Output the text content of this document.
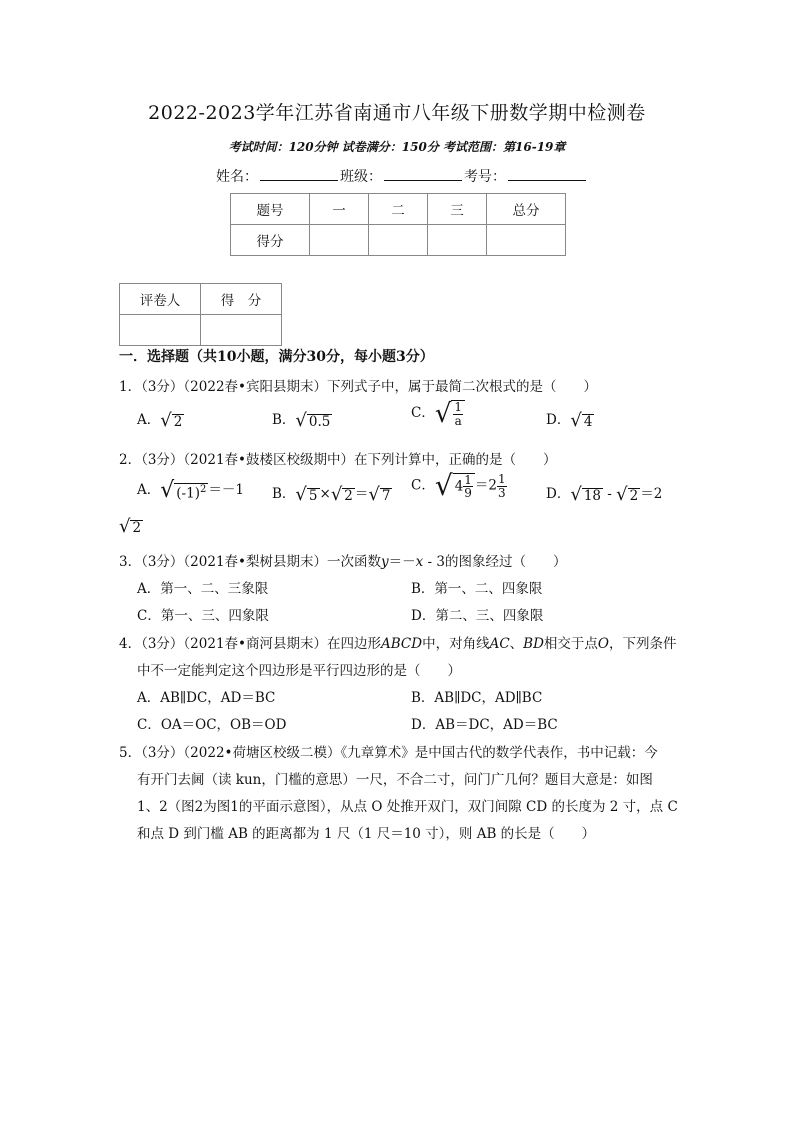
2022-2023学年江苏省南通市八年级下册数学期中检测卷
考试时间：120分钟 试卷满分：150分 考试范围：第16-19章
姓名：	班级：	考号：
题号	一	二	三	总分
得分				
评卷人	得　分

一．选择题（共10小题，满分30分，每小题3分）
1．（3分）（2022春•宾阳县期末）下列式子中，属于最简二次根式的是（　　）
A． √ 2	B． √ 0.5
C． √ $\frac{1}{a}$	D． √ 4
2．（3分）（2021春•鼓楼区校级期中）在下列计算中，正确的是（　　）
A． √ $(-1)^2 =-1$ B． √ 5 × √ 2 ＝ √ 7
C． √ $4 \frac{1}{9} =2 \frac{1}{3}$	D． √ 18 - √ 2 ＝2
√ 2
3．（3分）（2021春•梨树县期末）一次函数y＝－x - 3的图象经过（　　）
A．第一、二、三象限	B．第一、二、四象限
C．第一、三、四象限	D．第二、三、四象限
4．（3分）（2021春•商河县期末）在四边形ABCD中，对角线AC、BD相交于点O，下列条件
中不一定能判定这个四边形是平行四边形的是（　　）
A．AB∥DC，AD＝BC	B．AB∥DC，AD∥BC
C．OA＝OC，OB＝OD	D．AB＝DC，AD＝BC
5．（3分）（2022•荷塘区校级二模）《九章算术》是中国古代的数学代表作，书中记载：今
有开门去阃（读 kun，门槛的意思）一尺，不合二寸，问门广几何？题目大意是：如图
1、2（图2为图1的平面示意图），从点 O 处推开双门，双门间隙 CD 的长度为 2 寸，点 C
和点 D 到门槛 AB 的距离都为 1 尺（1 尺＝10 寸），则 AB 的长是（　　）
